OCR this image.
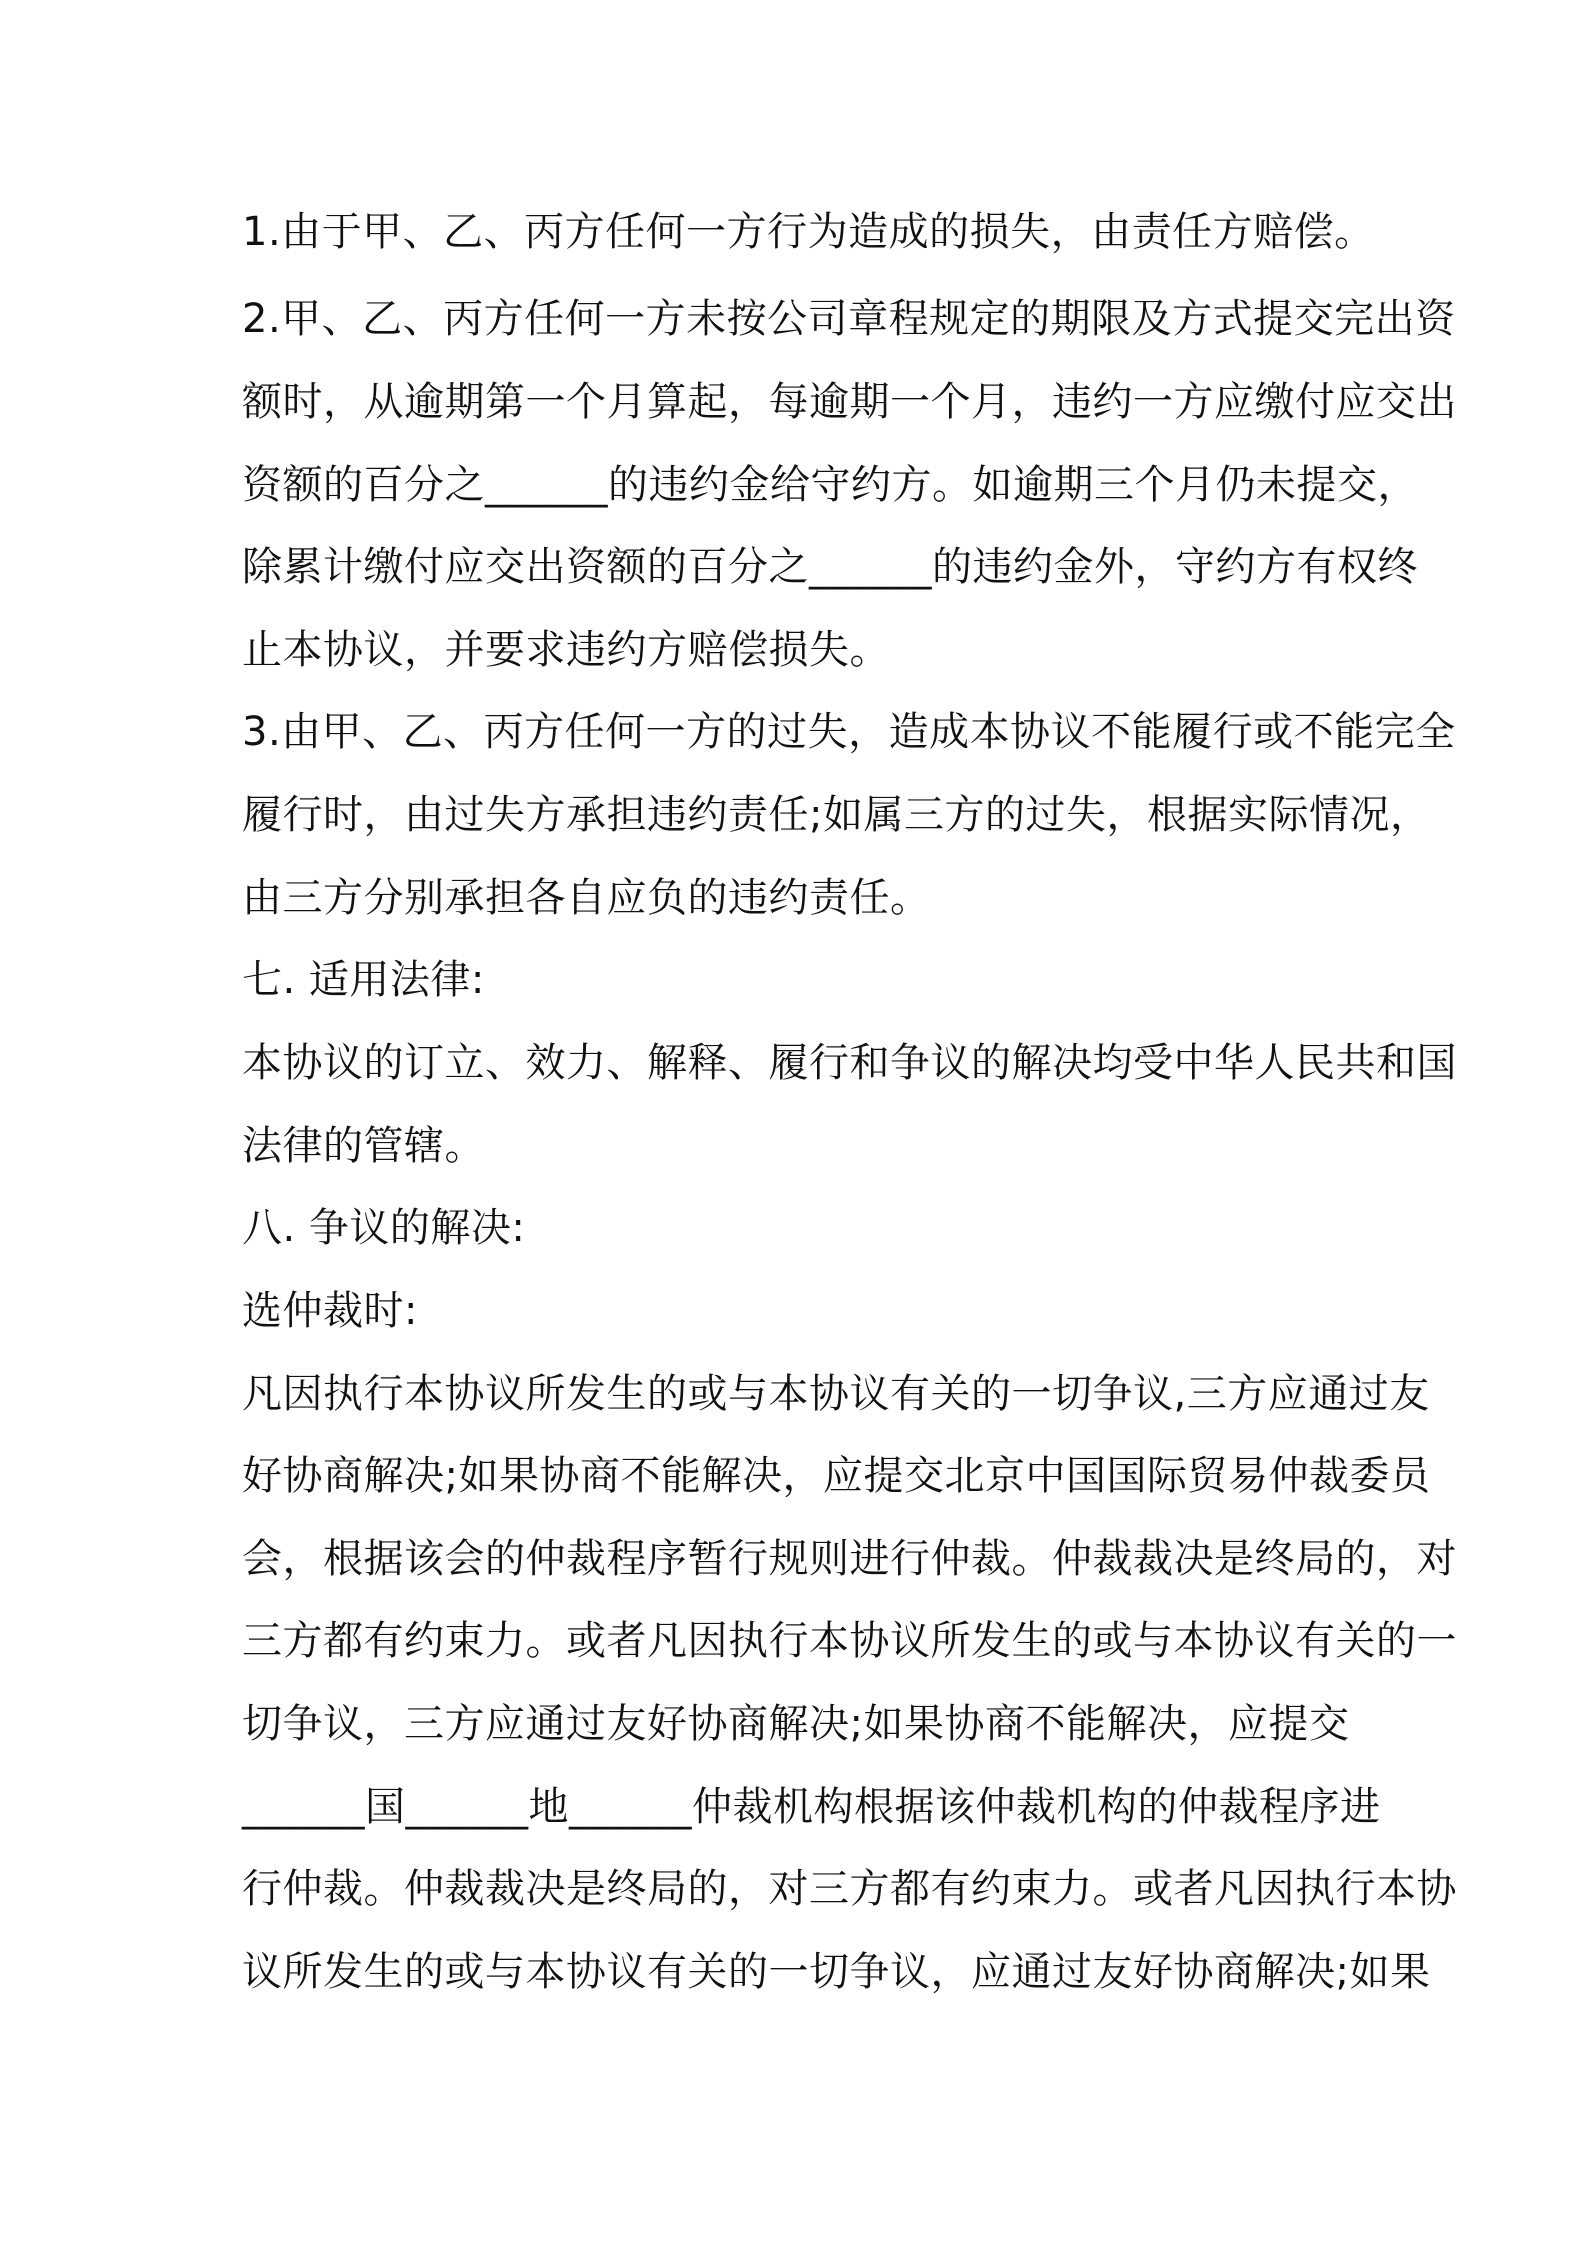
1.由于甲、乙、丙方任何一方行为造成的损失，由责任方赔偿。
2.甲、乙、丙方任何一方未按公司章程规定的期限及方式提交完出资
额时，从逾期第一个月算起，每逾期一个月，违约一方应缴付应交出
资额的百分之______的违约金给守约方。如逾期三个月仍未提交，
除累计缴付应交出资额的百分之______的违约金外，守约方有权终
止本协议，并要求违约方赔偿损失。
3.由甲、乙、丙方任何一方的过失，造成本协议不能履行或不能完全
履行时，由过失方承担违约责任;如属三方的过失，根据实际情况，
由三方分别承担各自应负的违约责任。
七. 适用法律:
本协议的订立、效力、解释、履行和争议的解决均受中华人民共和国
法律的管辖。
八. 争议的解决:
选仲裁时:
凡因执行本协议所发生的或与本协议有关的一切争议,三方应通过友
好协商解决;如果协商不能解决，应提交北京中国国际贸易仲裁委员
会，根据该会的仲裁程序暂行规则进行仲裁。仲裁裁决是终局的，对
三方都有约束力。或者凡因执行本协议所发生的或与本协议有关的一
切争议，三方应通过友好协商解决;如果协商不能解决，应提交
______国______地______仲裁机构根据该仲裁机构的仲裁程序进
行仲裁。仲裁裁决是终局的，对三方都有约束力。或者凡因执行本协
议所发生的或与本协议有关的一切争议，应通过友好协商解决;如果
